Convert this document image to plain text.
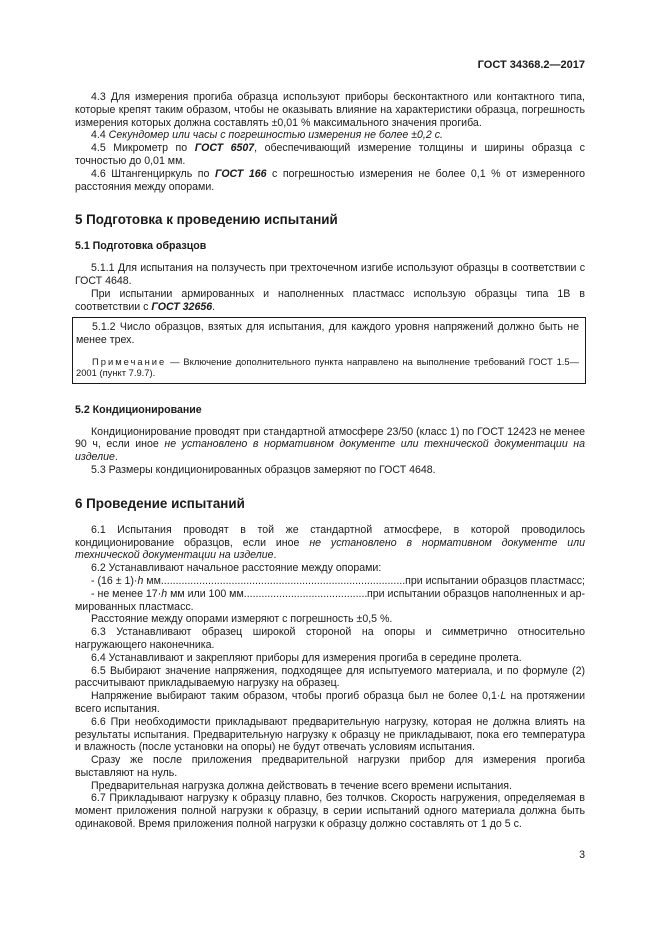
ГОСТ 34368.2—2017

4.3 Для измерения прогиба образца используют приборы бесконтактного или контактного типа, которые крепят таким образом, чтобы не оказывать влияние на характеристики образца, погрешность измерения которых должна составлять ±0,01 % максимального значения прогиба.

4.4 Секундомер или часы с погрешностью измерения не более ±0,2 с.

4.5 Микрометр по ГОСТ 6507, обеспечивающий измерение толщины и ширины образца с точностью до 0,01 мм.

4.6 Штангенциркуль по ГОСТ 166 с погрешностью измерения не более 0,1 % от измеренного расстояния между опорами.

5 Подготовка к проведению испытаний

5.1 Подготовка образцов

5.1.1 Для испытания на ползучесть при трехточечном изгибе используют образцы в соответствии с ГОСТ 4648.

При испытании армированных и наполненных пластмасс использую образцы типа 1В в соответствии с ГОСТ 32656.

5.1.2 Число образцов, взятых для испытания, для каждого уровня напряжений должно быть не менее трех.

Примечание — Включение дополнительного пункта направлено на выполнение требований ГОСТ 1.5—2001 (пункт 7.9.7).

5.2 Кондиционирование

Кондиционирование проводят при стандартной атмосфере 23/50 (класс 1) по ГОСТ 12423 не менее 90 ч, если иное не установлено в нормативном документе или технической документации на изделие.

5.3 Размеры кондиционированных образцов замеряют по ГОСТ 4648.

6 Проведение испытаний

6.1 Испытания проводят в той же стандартной атмосфере, в которой проводилось кондиционирование образцов, если иное не установлено в нормативном документе или технической документации на изделие.

6.2 Устанавливают начальное расстояние между опорами:

- (16 ± 1)·h мм .....	при испытании образцов пластмасс;
- не менее 17·h мм или 100 мм .....	при испытании образцов наполненных и ар-

мированных пластмасс.

Расстояние между опорами измеряют с погрешность ±0,5 %.

6.3 Устанавливают образец широкой стороной на опоры и симметрично относительно нагружающего наконечника.

6.4 Устанавливают и закрепляют приборы для измерения прогиба в середине пролета.

6.5 Выбирают значение напряжения, подходящее для испытуемого материала, и по формуле (2) рассчитывают прикладываемую нагрузку на образец.

Напряжение выбирают таким образом, чтобы прогиб образца был не более 0,1·L на протяжении всего испытания.

6.6 При необходимости прикладывают предварительную нагрузку, которая не должна влиять на результаты испытания. Предварительную нагрузку к образцу не прикладывают, пока его температура и влажность (после установки на опоры) не будут отвечать условиям испытания.

Сразу же после приложения предварительной нагрузки прибор для измерения прогиба выставляют на нуль.

Предварительная нагрузка должна действовать в течение всего времени испытания.

6.7 Прикладывают нагрузку к образцу плавно, без толчков. Скорость нагружения, определяемая в момент приложения полной нагрузки к образцу, в серии испытаний одного материала должна быть одинаковой. Время приложения полной нагрузки к образцу должно составлять от 1 до 5 с.

3
